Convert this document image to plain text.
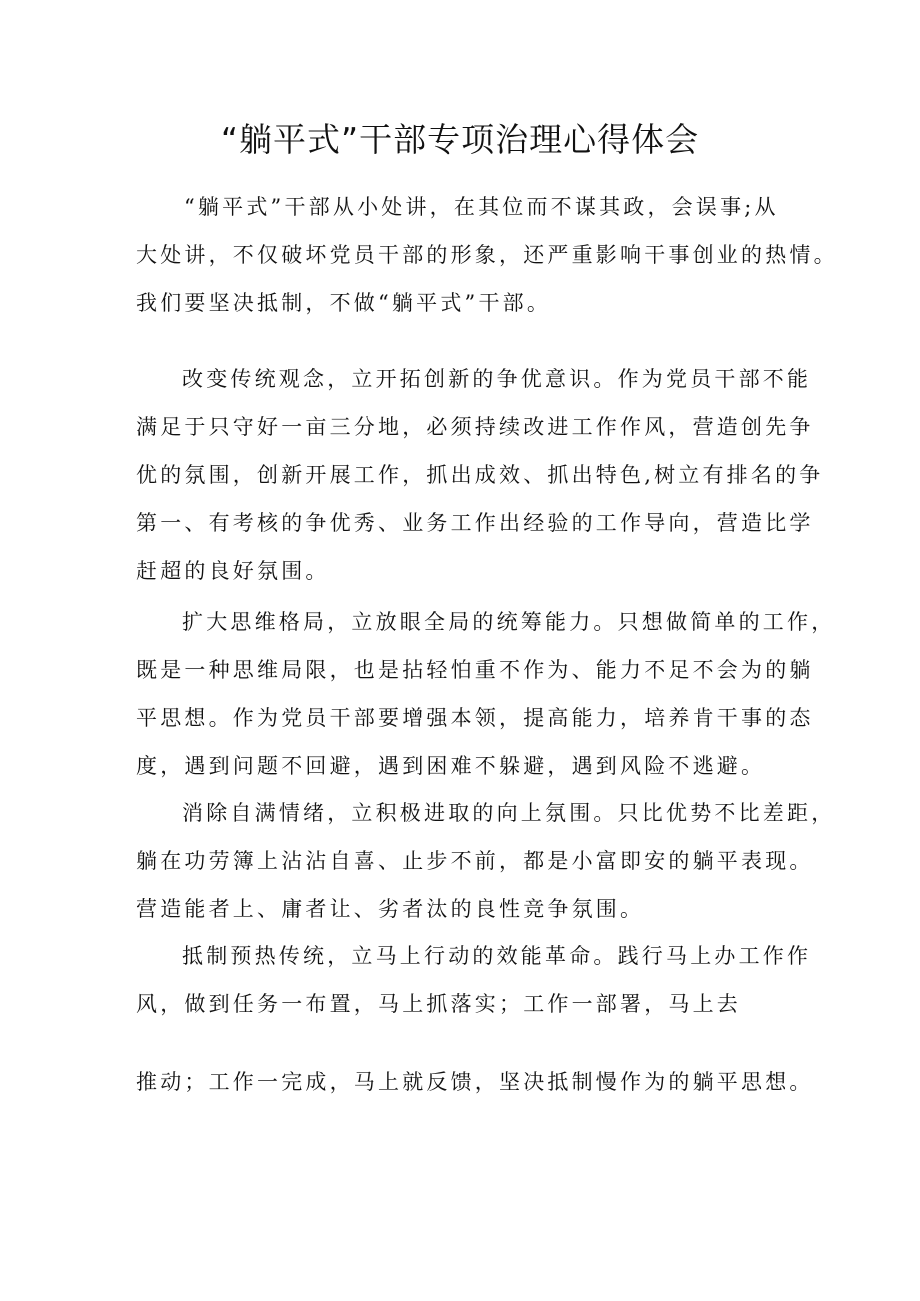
“躺平式”干部专项治理心得体会
“躺平式”干部从小处讲，在其位而不谋其政，会误事;从
大处讲，不仅破坏党员干部的形象，还严重影响干事创业的热情。
我们要坚决抵制，不做“躺平式”干部。
改变传统观念，立开拓创新的争优意识。作为党员干部不能
满足于只守好一亩三分地，必须持续改进工作作风，营造创先争
优的氛围，创新开展工作，抓出成效、抓出特色,树立有排名的争
第一、有考核的争优秀、业务工作出经验的工作导向，营造比学
赶超的良好氛围。
扩大思维格局，立放眼全局的统筹能力。只想做简单的工作，
既是一种思维局限，也是拈轻怕重不作为、能力不足不会为的躺
平思想。作为党员干部要增强本领，提高能力，培养肯干事的态
度，遇到问题不回避，遇到困难不躲避，遇到风险不逃避。
消除自满情绪，立积极进取的向上氛围。只比优势不比差距，
躺在功劳簿上沾沾自喜、止步不前，都是小富即安的躺平表现。
营造能者上、庸者让、劣者汰的良性竞争氛围。
抵制预热传统，立马上行动的效能革命。践行马上办工作作
风，做到任务一布置，马上抓落实；工作一部署，马上去
推动；工作一完成，马上就反馈，坚决抵制慢作为的躺平思想。
